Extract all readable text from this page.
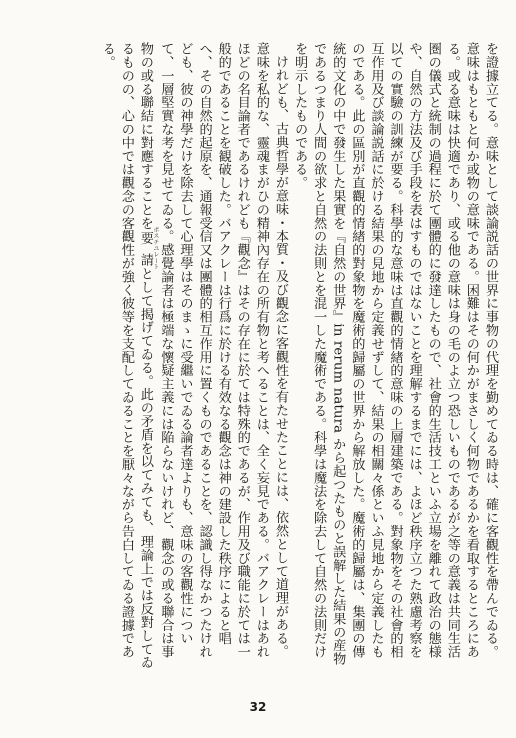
を證據立てる。意味として談論説話の世界に事物の代理を勤めてゐる時は、確に客觀性を帶んでゐる。意味はもともと何か或物の意味である。困難はその何かがまさしく何物であるかを看取するところにある。或る意味は快適であり、或る他の意味は身の毛のよ立つ恐しいものであるが之等の意義は共同生活圏の儀式と統制の過程に於て團體的に發達したもので、社會的生活技工といふ立場を離れて政治の態様や、自然の方法及び手段を表はすものではないことを理解するまでには、よほど秩序立つた熟慮考察を以ての實驗の訓練が要る。科學的な意味は直觀的情緖的意味の上層建築である。對象物をその社會的相互作用及び談論説話に於ける結果の見地から定義せずして、結果の相關々係といふ見地から定義したものである。此の區別が直觀的情緖的對象物を魔術的歸屬の世界から解放した。魔術的歸屬は、集團の傳統的文化の中で發生した果實を『自然の世界』in rerum natura から起つたものと誤解した結果の産物であるつまり人間の欲求と自然の法則とを混一した魔術である。科學は魔法を除去して自然の法則だけを明示したものである。

けれども、古典哲學が意味・本質・及び觀念に客觀性を有たせたことには、依然として道理がある。意味を私的な、靈魂まがひの精神內存在の所有物と考へることは、全く妄見である。バアクレーはあれほどの名目論者であるけれども『觀念』はその存在に於ては特殊的であるが、作用及び職能に於ては一般的であることを観破した。バアクレーは行爲に於ける有效なる觀念は神の建設した秩序によると唱へ、その自然的起原を、通報受信又は團體的相互作用に置くものであることを、認識し得なかつたけれども、彼の神學だけを除去して心理學はそのまゝに受繼いでゐる論者達よりも、意味の客觀性について、一層堅實な考を見せてゐる。感覺論者は極端な懷疑主義には陥らないけれど、觀念の或る聯合は事物の或る聯結に對應することを要請 ポスチユレートとして揭げてゐる。此の矛盾を以てみても、理論上では反對してゐるものの、心の中では觀念の客觀性が強く彼等を支配してゐることを厭々ながら告白してゐる證據である。

32
